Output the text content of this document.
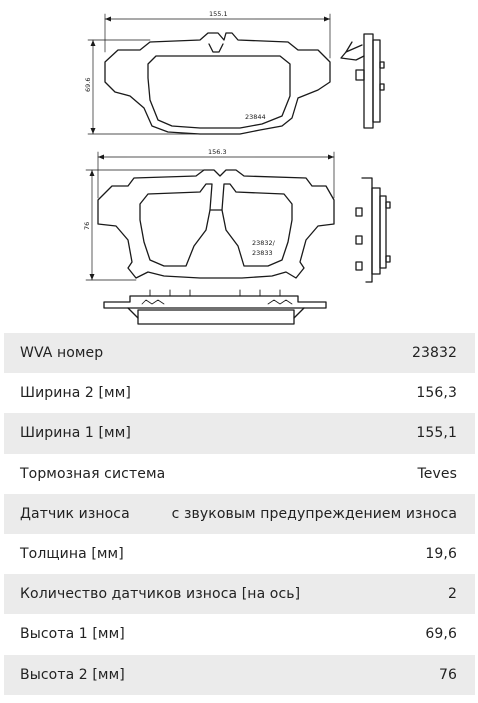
155.1
69.6
23844
156.3
76
23832/
23833
WVA номер	23832
Ширина 2 [мм]	156,3
Ширина 1 [мм]	155,1
Тормозная система	Teves
Датчик износа	с звуковым предупреждением износа
Толщина [мм]	19,6
Количество датчиков износа [на ось]	2
Высота 1 [мм]	69,6
Высота 2 [мм]	76
